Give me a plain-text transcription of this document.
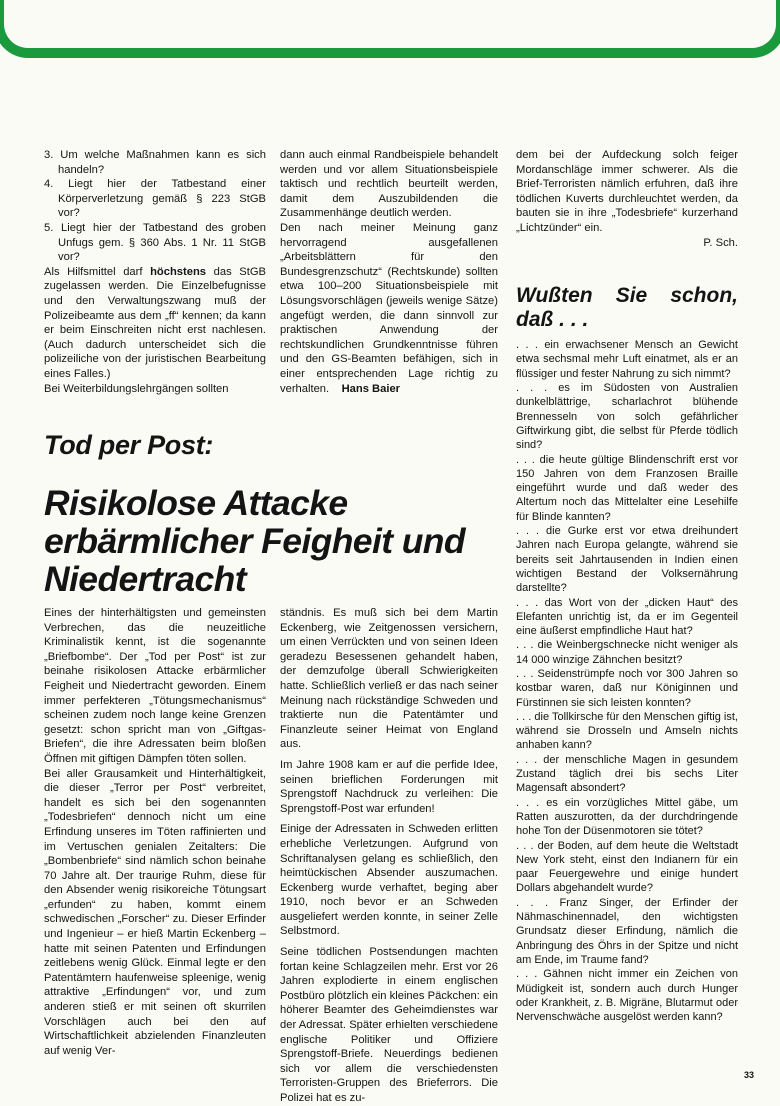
3. Um welche Maßnahmen kann es sich handeln?
4. Liegt hier der Tatbestand einer Körperverletzung gemäß § 223 StGB vor?
5. Liegt hier der Tatbestand des groben Unfugs gem. § 360 Abs. 1 Nr. 11 StGB vor?

Als Hilfsmittel darf höchstens das StGB zugelassen werden. Die Einzelbefugnisse und den Verwaltungszwang muß der Polizeibeamte aus dem „ff“ kennen; da kann er beim Einschreiten nicht erst nachlesen. (Auch dadurch unterscheidet sich die polizeiliche von der juristischen Bearbeitung eines Falles.)

Bei Weiterbildungslehrgängen sollten

dann auch einmal Randbeispiele behandelt werden und vor allem Situationsbeispiele taktisch und rechtlich beurteilt werden, damit dem Auszubildenden die Zusammenhänge deutlich werden.

Den nach meiner Meinung ganz hervorragend ausgefallenen „Arbeitsblättern für den Bundesgrenzschutz“ (Rechtskunde) sollten etwa 100–200 Situationsbeispiele mit Lösungsvorschlägen (jeweils wenige Sätze) angefügt werden, die dann sinnvoll zur praktischen Anwendung der rechtskundlichen Grundkenntnisse führen und den GS-Beamten befähigen, sich in einer entsprechenden Lage richtig zu verhalten. Hans Baier

dem bei der Aufdeckung solch feiger Mordanschläge immer schwerer. Als die Brief-Terroristen nämlich erfuhren, daß ihre tödlichen Kuverts durchleuchtet werden, da bauten sie in ihre „Todesbriefe“ kurzerhand „Lichtzünder“ ein.

P. Sch.

Wußten Sie schon, daß . . .

. . . ein erwachsener Mensch an Gewicht etwa sechsmal mehr Luft einatmet, als er an flüssiger und fester Nahrung zu sich nimmt?

. . . es im Südosten von Australien dunkelblättrige, scharlachrot blühende Brennesseln von solch gefährlicher Giftwirkung gibt, die selbst für Pferde tödlich sind?

. . . die heute gültige Blindenschrift erst vor 150 Jahren von dem Franzosen Braille eingeführt wurde und daß weder des Altertum noch das Mittelalter eine Lesehilfe für Blinde kannten?

. . . die Gurke erst vor etwa dreihundert Jahren nach Europa gelangte, während sie bereits seit Jahrtausenden in Indien einen wichtigen Bestand der Volksernährung darstellte?

. . . das Wort von der „dicken Haut“ des Elefanten unrichtig ist, da er im Gegenteil eine äußerst empfindliche Haut hat?

. . . die Weinbergschnecke nicht weniger als 14 000 winzige Zähnchen besitzt?

. . . Seidenstrümpfe noch vor 300 Jahren so kostbar waren, daß nur Königinnen und Fürstinnen sie sich leisten konnten?

. . . die Tollkirsche für den Menschen giftig ist, während sie Drosseln und Amseln nichts anhaben kann?

. . . der menschliche Magen in gesundem Zustand täglich drei bis sechs Liter Magensaft absondert?

. . . es ein vorzügliches Mittel gäbe, um Ratten auszurotten, da der durchdringende hohe Ton der Düsenmotoren sie tötet?

. . . der Boden, auf dem heute die Weltstadt New York steht, einst den Indianern für ein paar Feuergewehre und einige hundert Dollars abgehandelt wurde?

. . . Franz Singer, der Erfinder der Nähmaschinennadel, den wichtigsten Grundsatz dieser Erfindung, nämlich die Anbringung des Öhrs in der Spitze und nicht am Ende, im Traume fand?

. . . Gähnen nicht immer ein Zeichen von Müdigkeit ist, sondern auch durch Hunger oder Krankheit, z. B. Migräne, Blutarmut oder Nervenschwäche ausgelöst werden kann?

Tod per Post:
Risikolose Attacke erbärmlicher Feigheit und Niedertracht

Eines der hinterhältigsten und gemeinsten Verbrechen, das die neuzeitliche Kriminalistik kennt, ist die sogenannte „Briefbombe“. Der „Tod per Post“ ist zur beinahe risikolosen Attacke erbärmlicher Feigheit und Niedertracht geworden. Einem immer perfekteren „Tötungsmechanismus“ scheinen zudem noch lange keine Grenzen gesetzt: schon spricht man von „Giftgas-Briefen“, die ihre Adressaten beim bloßen Öffnen mit giftigen Dämpfen töten sollen.

Bei aller Grausamkeit und Hinterhältigkeit, die dieser „Terror per Post“ verbreitet, handelt es sich bei den sogenannten „Todesbriefen“ dennoch nicht um eine Erfindung unseres im Töten raffinierten und im Vertuschen genialen Zeitalters: Die „Bombenbriefe“ sind nämlich schon beinahe 70 Jahre alt. Der traurige Ruhm, diese für den Absender wenig risikoreiche Tötungsart „erfunden“ zu haben, kommt einem schwedischen „Forscher“ zu. Dieser Erfinder und Ingenieur – er hieß Martin Eckenberg – hatte mit seinen Patenten und Erfindungen zeitlebens wenig Glück. Einmal legte er den Patentämtern haufenweise spleenige, wenig attraktive „Erfindungen“ vor, und zum anderen stieß er mit seinen oft skurrilen Vorschlägen auch bei den auf Wirtschaftlichkeit abzielenden Finanzleuten auf wenig Ver-

ständnis. Es muß sich bei dem Martin Eckenberg, wie Zeitgenossen versichern, um einen Verrückten und von seinen Ideen geradezu Besessenen gehandelt haben, der demzufolge überall Schwierigkeiten hatte. Schließlich verließ er das nach seiner Meinung nach rückständige Schweden und traktierte nun die Patentämter und Finanzleute seiner Heimat von England aus.

Im Jahre 1908 kam er auf die perfide Idee, seinen brieflichen Forderungen mit Sprengstoff Nachdruck zu verleihen: Die Sprengstoff-Post war erfunden!

Einige der Adressaten in Schweden erlitten erhebliche Verletzungen. Aufgrund von Schriftanalysen gelang es schließlich, den heimtückischen Absender auszumachen. Eckenberg wurde verhaftet, beging aber 1910, noch bevor er an Schweden ausgeliefert werden konnte, in seiner Zelle Selbstmord.

Seine tödlichen Postsendungen machten fortan keine Schlagzeilen mehr. Erst vor 26 Jahren explodierte in einem englischen Postbüro plötzlich ein kleines Päckchen: ein höherer Beamter des Geheimdienstes war der Adressat. Später erhielten verschiedene englische Politiker und Offiziere Sprengstoff-Briefe. Neuerdings bedienen sich vor allem die verschiedensten Terroristen-Gruppen des Brieferrors. Die Polizei hat es zu-

33
